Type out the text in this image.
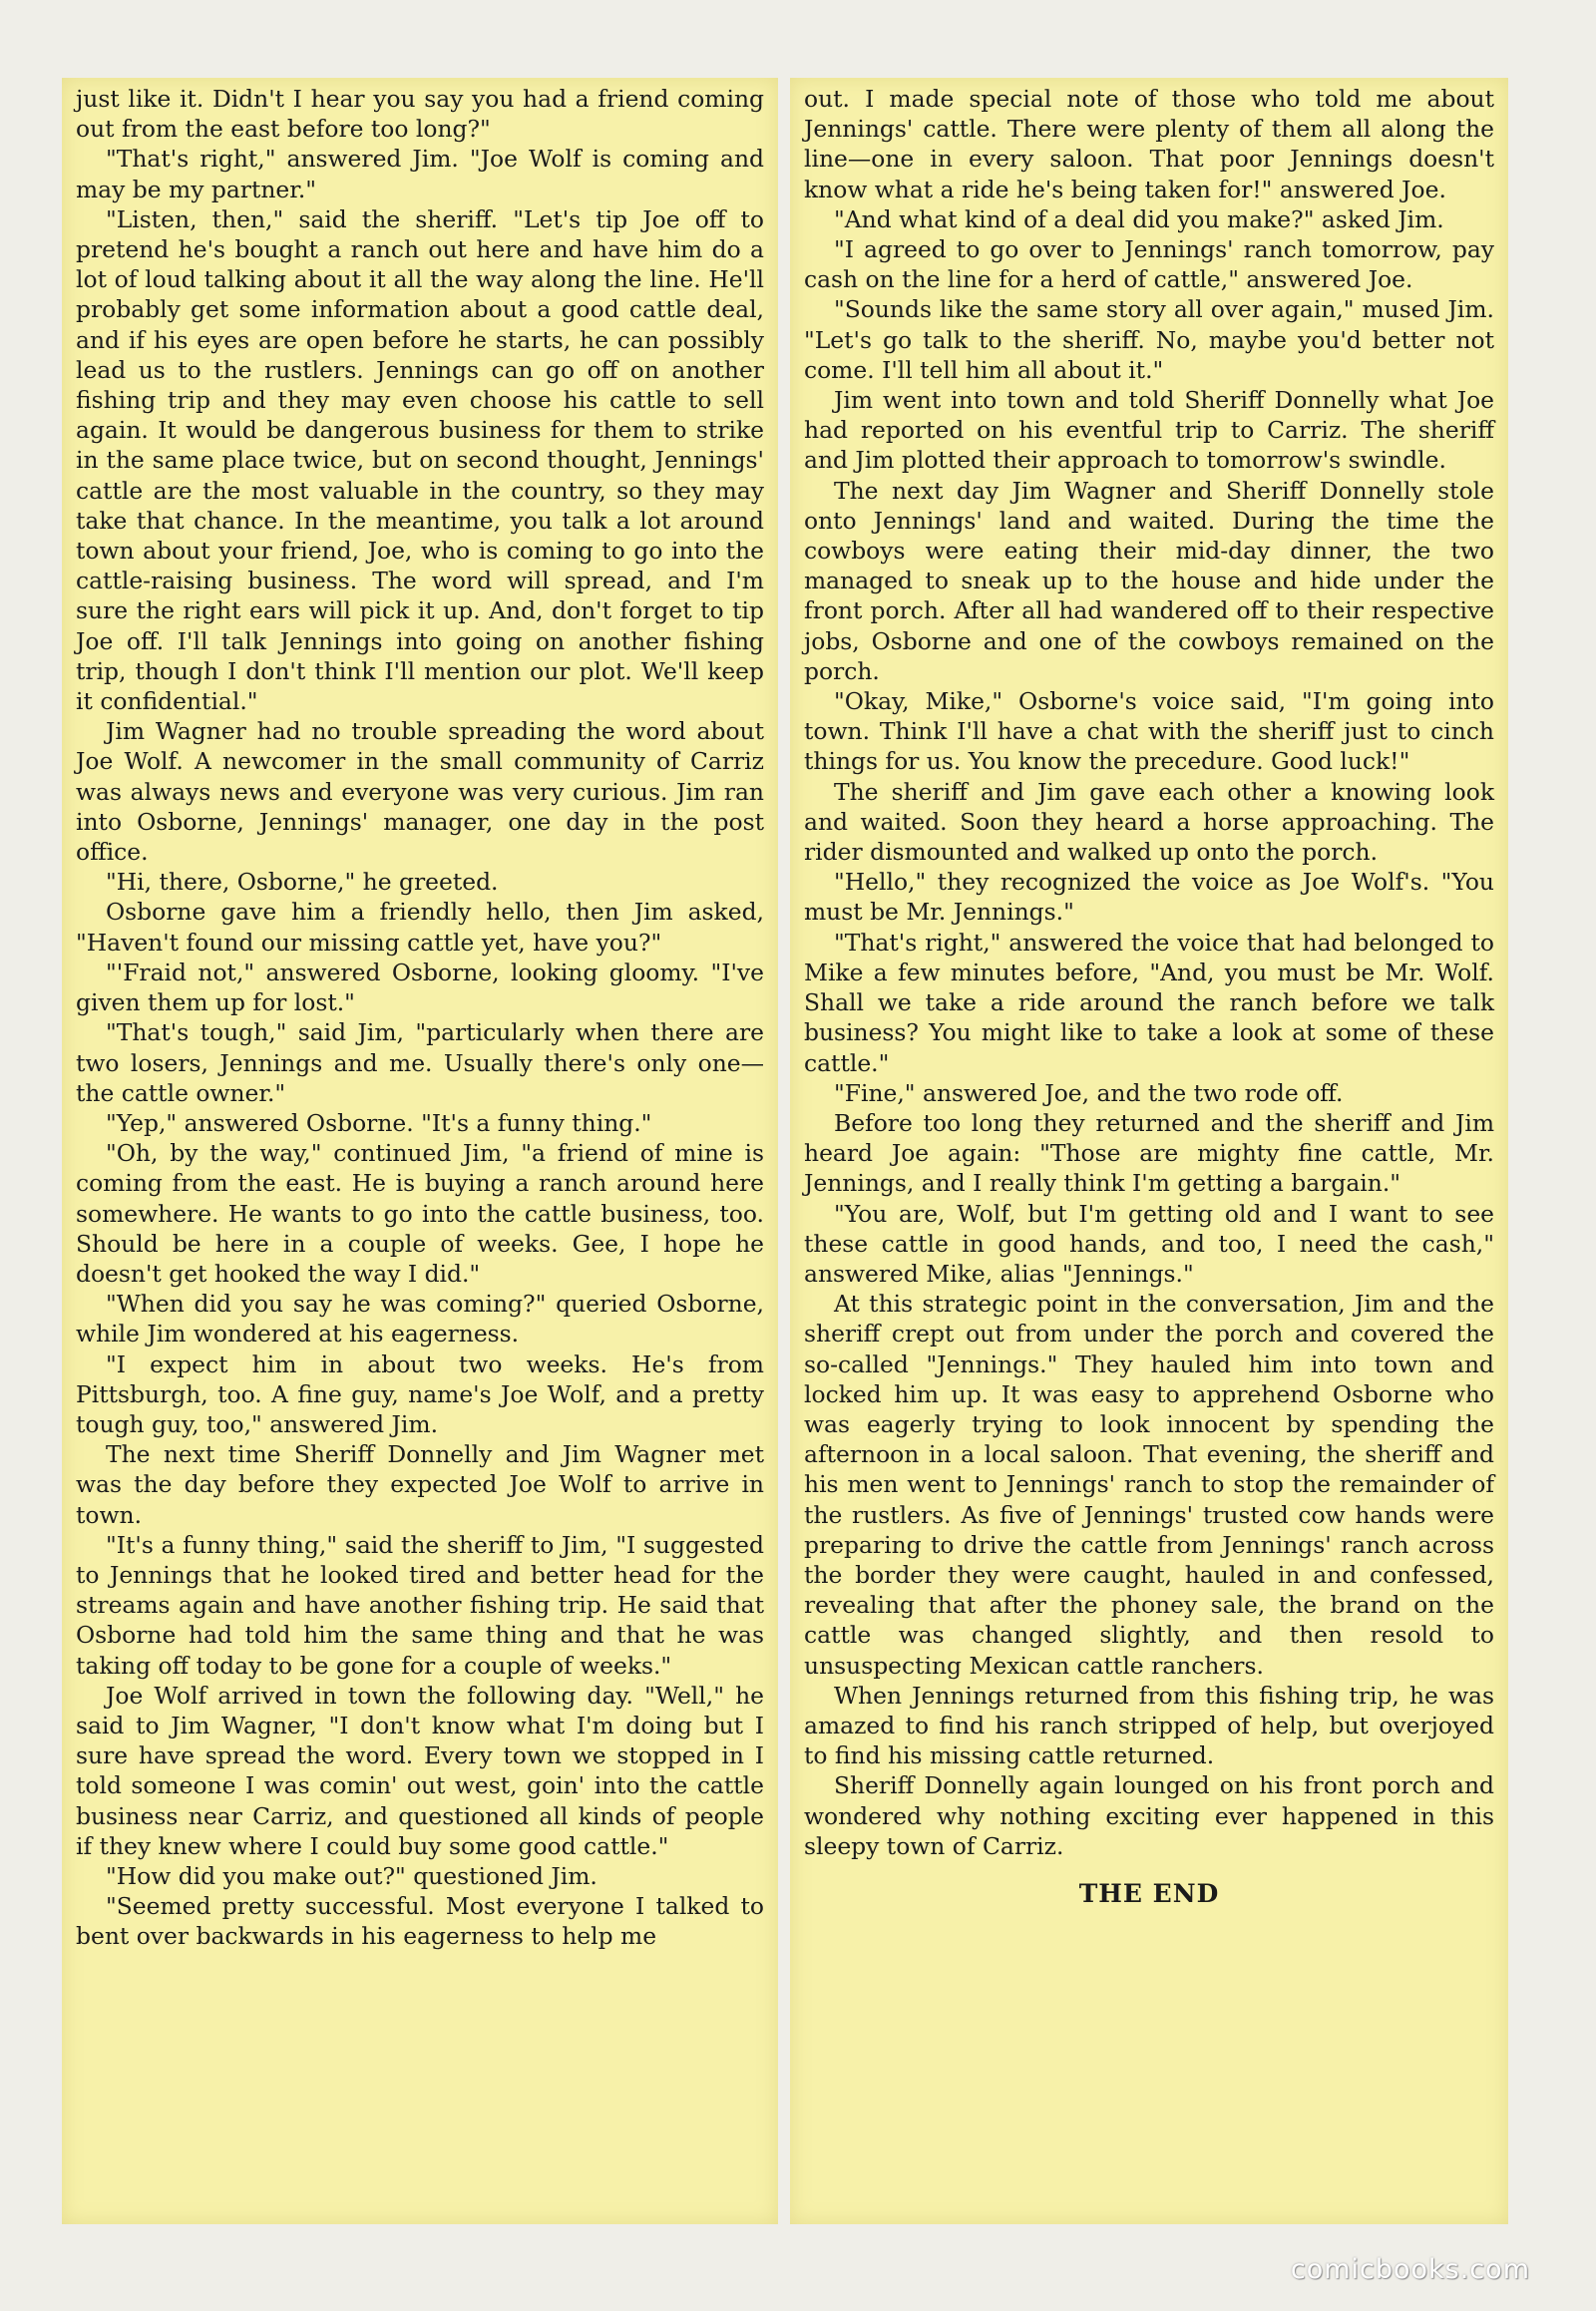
just like it. Didn't I hear you say you had a friend coming out from the east before too long?"

"That's right," answered Jim. "Joe Wolf is coming and may be my partner."

"Listen, then," said the sheriff. "Let's tip Joe off to pretend he's bought a ranch out here and have him do a lot of loud talking about it all the way along the line. He'll probably get some information about a good cattle deal, and if his eyes are open before he starts, he can possibly lead us to the rustlers. Jennings can go off on another fishing trip and they may even choose his cattle to sell again. It would be dangerous business for them to strike in the same place twice, but on second thought, Jennings' cattle are the most valuable in the country, so they may take that chance. In the meantime, you talk a lot around town about your friend, Joe, who is coming to go into the cattle-raising business. The word will spread, and I'm sure the right ears will pick it up. And, don't forget to tip Joe off. I'll talk Jennings into going on another fishing trip, though I don't think I'll mention our plot. We'll keep it confidential."

Jim Wagner had no trouble spreading the word about Joe Wolf. A newcomer in the small community of Carriz was always news and everyone was very curious. Jim ran into Osborne, Jennings' manager, one day in the post office.

"Hi, there, Osborne," he greeted.

Osborne gave him a friendly hello, then Jim asked, "Haven't found our missing cattle yet, have you?"

"'Fraid not," answered Osborne, looking gloomy. "I've given them up for lost."

"That's tough," said Jim, "particularly when there are two losers, Jennings and me. Usually there's only one—the cattle owner."

"Yep," answered Osborne. "It's a funny thing."

"Oh, by the way," continued Jim, "a friend of mine is coming from the east. He is buying a ranch around here somewhere. He wants to go into the cattle business, too. Should be here in a couple of weeks. Gee, I hope he doesn't get hooked the way I did."

"When did you say he was coming?" queried Osborne, while Jim wondered at his eagerness.

"I expect him in about two weeks. He's from Pittsburgh, too. A fine guy, name's Joe Wolf, and a pretty tough guy, too," answered Jim.

The next time Sheriff Donnelly and Jim Wagner met was the day before they expected Joe Wolf to arrive in town.

"It's a funny thing," said the sheriff to Jim, "I suggested to Jennings that he looked tired and better head for the streams again and have another fishing trip. He said that Osborne had told him the same thing and that he was taking off today to be gone for a couple of weeks."

Joe Wolf arrived in town the following day. "Well," he said to Jim Wagner, "I don't know what I'm doing but I sure have spread the word. Every town we stopped in I told someone I was comin' out west, goin' into the cattle business near Carriz, and questioned all kinds of people if they knew where I could buy some good cattle."

"How did you make out?" questioned Jim.

"Seemed pretty successful. Most everyone I talked to bent over backwards in his eagerness to help me

out. I made special note of those who told me about Jennings' cattle. There were plenty of them all along the line—one in every saloon. That poor Jennings doesn't know what a ride he's being taken for!" answered Joe.

"And what kind of a deal did you make?" asked Jim.

"I agreed to go over to Jennings' ranch tomorrow, pay cash on the line for a herd of cattle," answered Joe.

"Sounds like the same story all over again," mused Jim. "Let's go talk to the sheriff. No, maybe you'd better not come. I'll tell him all about it."

Jim went into town and told Sheriff Donnelly what Joe had reported on his eventful trip to Carriz. The sheriff and Jim plotted their approach to tomorrow's swindle.

The next day Jim Wagner and Sheriff Donnelly stole onto Jennings' land and waited. During the time the cowboys were eating their mid-day dinner, the two managed to sneak up to the house and hide under the front porch. After all had wandered off to their respective jobs, Osborne and one of the cowboys remained on the porch.

"Okay, Mike," Osborne's voice said, "I'm going into town. Think I'll have a chat with the sheriff just to cinch things for us. You know the precedure. Good luck!"

The sheriff and Jim gave each other a knowing look and waited. Soon they heard a horse approaching. The rider dismounted and walked up onto the porch.

"Hello," they recognized the voice as Joe Wolf's. "You must be Mr. Jennings."

"That's right," answered the voice that had belonged to Mike a few minutes before, "And, you must be Mr. Wolf. Shall we take a ride around the ranch before we talk business? You might like to take a look at some of these cattle."

"Fine," answered Joe, and the two rode off.

Before too long they returned and the sheriff and Jim heard Joe again: "Those are mighty fine cattle, Mr. Jennings, and I really think I'm getting a bargain."

"You are, Wolf, but I'm getting old and I want to see these cattle in good hands, and too, I need the cash," answered Mike, alias "Jennings."

At this strategic point in the conversation, Jim and the sheriff crept out from under the porch and covered the so-called "Jennings." They hauled him into town and locked him up. It was easy to apprehend Osborne who was eagerly trying to look innocent by spending the afternoon in a local saloon. That evening, the sheriff and his men went to Jennings' ranch to stop the remainder of the rustlers. As five of Jennings' trusted cow hands were preparing to drive the cattle from Jennings' ranch across the border they were caught, hauled in and confessed, revealing that after the phoney sale, the brand on the cattle was changed slightly, and then resold to unsuspecting Mexican cattle ranchers.

When Jennings returned from this fishing trip, he was amazed to find his ranch stripped of help, but overjoyed to find his missing cattle returned.

Sheriff Donnelly again lounged on his front porch and wondered why nothing exciting ever happened in this sleepy town of Carriz.

THE END

comicbooks.com
